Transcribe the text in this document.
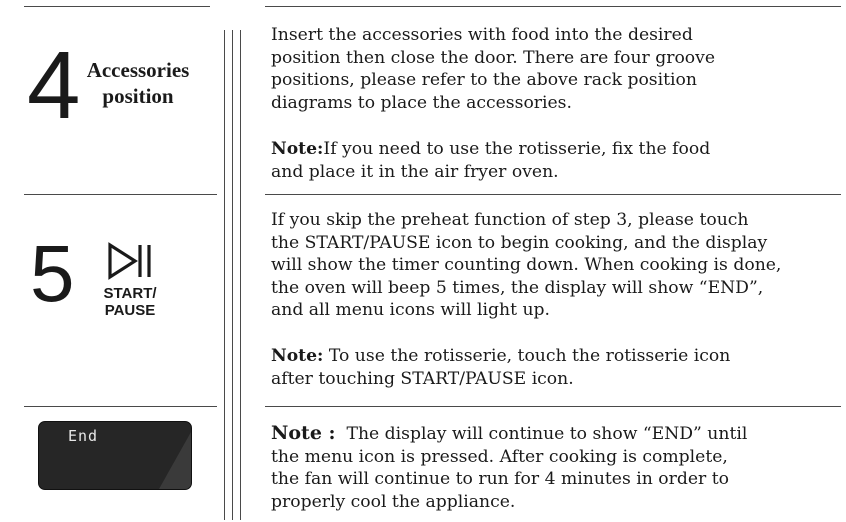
4 Accessories
position
Insert the accessories with food into the desired
position then close the door. There are four groove
positions, please refer to the above rack position
diagrams to place the accessories.
Note:If you need to use the rotisserie, fix the food
and place it in the air fryer oven.
5	START/
PAUSE
If you skip the preheat function of step 3, please touch
the START/PAUSE icon to begin cooking, and the display
will show the timer counting down. When cooking is done,
the oven will beep 5 times, the display will show “END”,
and all menu icons will light up.
Note: To use the rotisserie, touch the rotisserie icon
after touching START/PAUSE icon.
End	Note :  The display will continue to show “END” until
the menu icon is pressed. After cooking is complete,
the fan will continue to run for 4 minutes in order to
properly cool the appliance.
